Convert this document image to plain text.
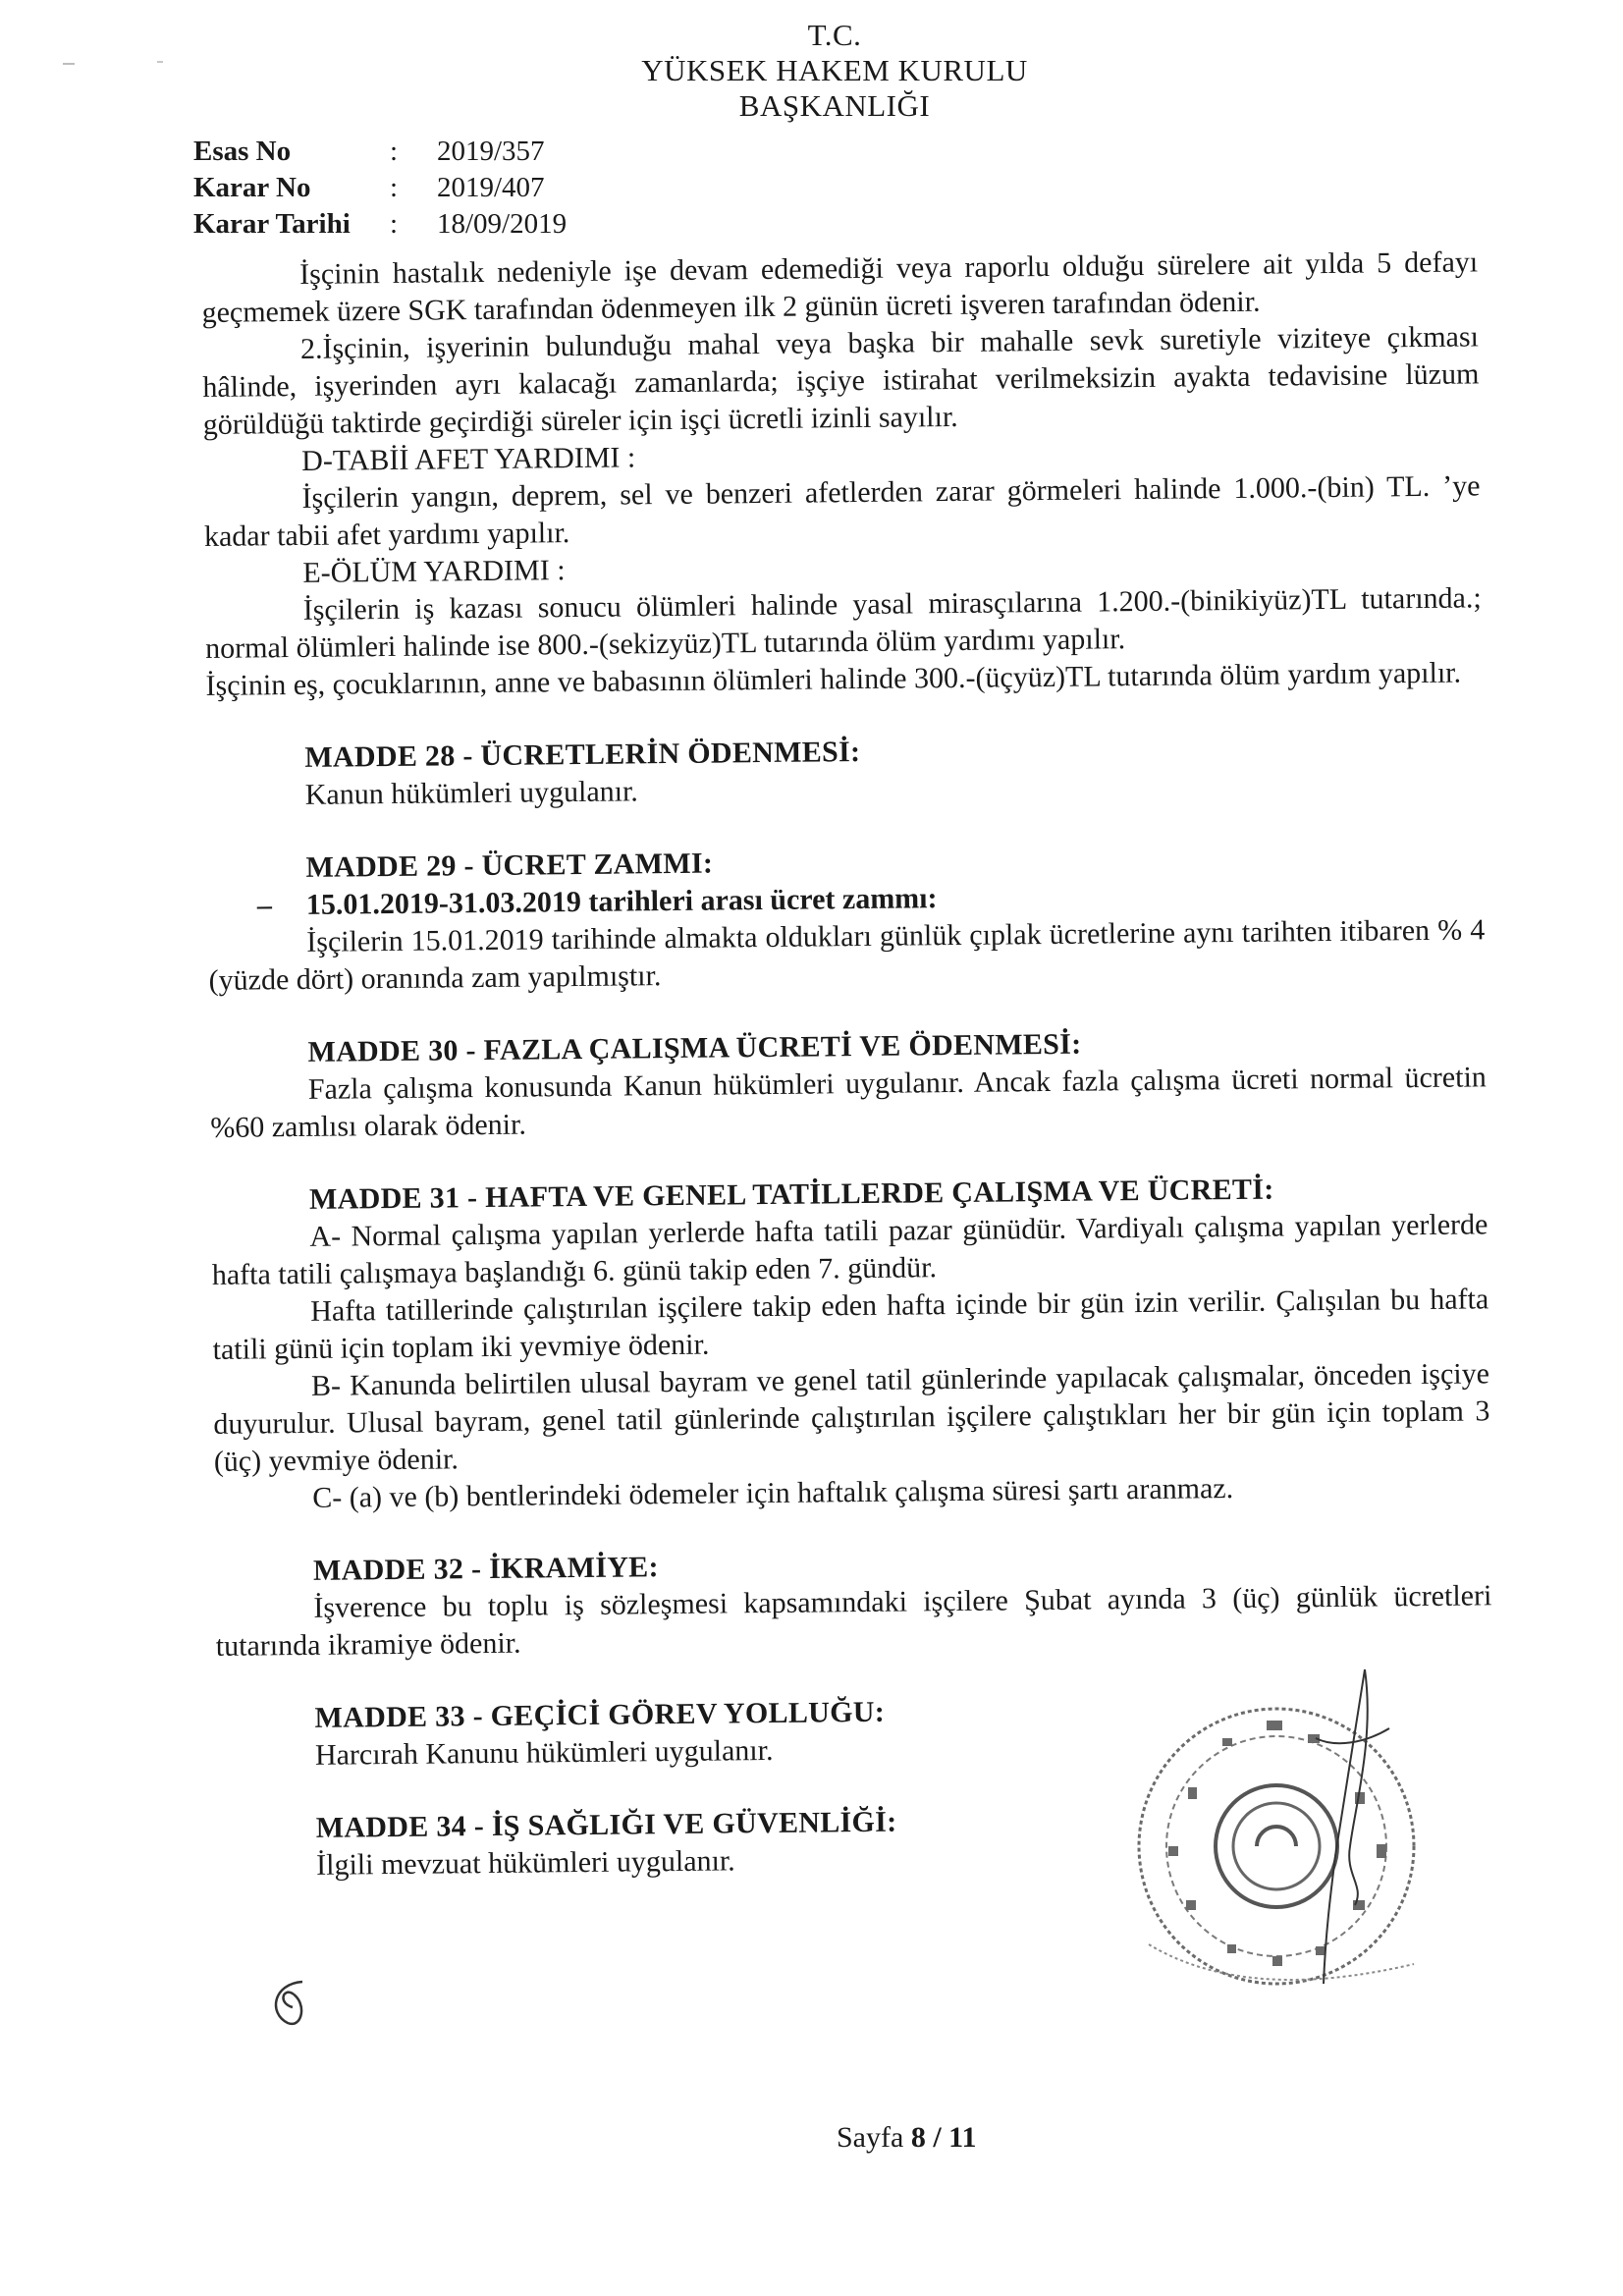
T.C.
YÜKSEK HAKEM KURULU
BAŞKANLIĞI
Esas No	:	2019/357
Karar No	:	2019/407
Karar Tarihi	:	18/09/2019

İşçinin hastalık nedeniyle işe devam edemediği veya raporlu olduğu sürelere ait yılda 5 defayı geçmemek üzere SGK tarafından ödenmeyen ilk 2 günün ücreti işveren tarafından ödenir.

2.İşçinin, işyerinin bulunduğu mahal veya başka bir mahalle sevk suretiyle viziteye çıkması hâlinde, işyerinden ayrı kalacağı zamanlarda; işçiye istirahat verilmeksizin ayakta tedavisine lüzum görüldüğü taktirde geçirdiği süreler için işçi ücretli izinli sayılır.

D-TABİİ AFET YARDIMI :

İşçilerin yangın, deprem, sel ve benzeri afetlerden zarar görmeleri halinde 1.000.-(bin) TL. ’ye kadar tabii afet yardımı yapılır.

E-ÖLÜM YARDIMI :

İşçilerin iş kazası sonucu ölümleri halinde yasal mirasçılarına 1.200.-(binikiyüz)TL tutarında.; normal ölümleri halinde ise 800.-(sekizyüz)TL tutarında ölüm yardımı yapılır.

İşçinin eş, çocuklarının, anne ve babasının ölümleri halinde 300.-(üçyüz)TL tutarında ölüm yardım yapılır.

MADDE 28 - ÜCRETLERİN ÖDENMESİ:

Kanun hükümleri uygulanır.

MADDE 29 - ÜCRET ZAMMI:

– 15.01.2019-31.03.2019 tarihleri arası ücret zammı:

İşçilerin 15.01.2019 tarihinde almakta oldukları günlük çıplak ücretlerine aynı tarihten itibaren % 4 (yüzde dört) oranında zam yapılmıştır.

MADDE 30 - FAZLA ÇALIŞMA ÜCRETİ VE ÖDENMESİ:

Fazla çalışma konusunda Kanun hükümleri uygulanır. Ancak fazla çalışma ücreti normal ücretin %60 zamlısı olarak ödenir.

MADDE 31 - HAFTA VE GENEL TATİLLERDE ÇALIŞMA VE ÜCRETİ:

A- Normal çalışma yapılan yerlerde hafta tatili pazar günüdür. Vardiyalı çalışma yapılan yerlerde hafta tatili çalışmaya başlandığı 6. günü takip eden 7. gündür.

Hafta tatillerinde çalıştırılan işçilere takip eden hafta içinde bir gün izin verilir. Çalışılan bu hafta tatili günü için toplam iki yevmiye ödenir.

B- Kanunda belirtilen ulusal bayram ve genel tatil günlerinde yapılacak çalışmalar, önceden işçiye duyurulur. Ulusal bayram, genel tatil günlerinde çalıştırılan işçilere çalıştıkları her bir gün için toplam 3 (üç) yevmiye ödenir.

C- (a) ve (b) bentlerindeki ödemeler için haftalık çalışma süresi şartı aranmaz.

MADDE 32 - İKRAMİYE:

İşverence bu toplu iş sözleşmesi kapsamındaki işçilere Şubat ayında 3 (üç) günlük ücretleri tutarında ikramiye ödenir.

MADDE 33 - GEÇİCİ GÖREV YOLLUĞU:

Harcırah Kanunu hükümleri uygulanır.

MADDE 34 - İŞ SAĞLIĞI VE GÜVENLİĞİ:

İlgili mevzuat hükümleri uygulanır.

Sayfa 8 / 11
